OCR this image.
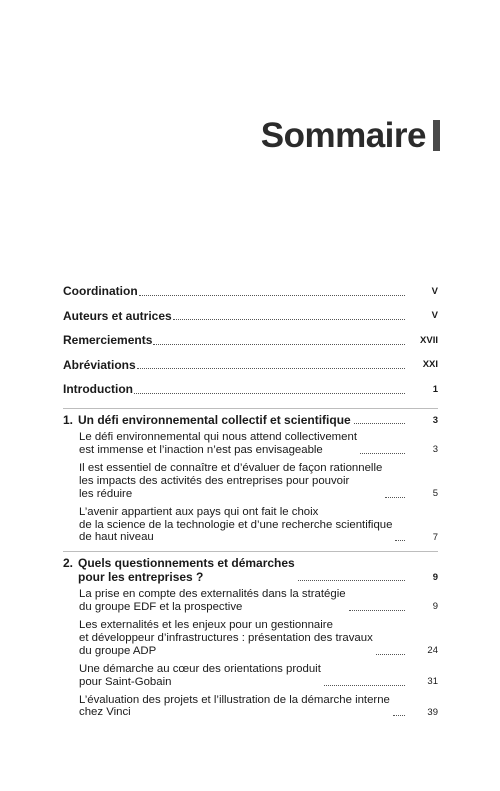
Sommaire
Coordination	V
Auteurs et autrices	V
Remerciements	XVII
Abréviations	XXI
Introduction	1
1. Un défi environnemental collectif et scientifique	3
Le défi environnemental qui nous attend collectivement
est immense et l’inaction n’est pas envisageable	3
Il est essentiel de connaître et d’évaluer de façon rationnelle
les impacts des activités des entreprises pour pouvoir
les réduire	5
L’avenir appartient aux pays qui ont fait le choix
de la science de la technologie et d’une recherche scientifique
de haut niveau	7
2. Quels questionnements et démarches
pour les entreprises ?	9
La prise en compte des externalités dans la stratégie
du groupe EDF et la prospective	9
Les externalités et les enjeux pour un gestionnaire
et développeur d’infrastructures : présentation des travaux
du groupe ADP	24
Une démarche au cœur des orientations produit
pour Saint-Gobain	31
L’évaluation des projets et l’illustration de la démarche interne
chez Vinci	39
